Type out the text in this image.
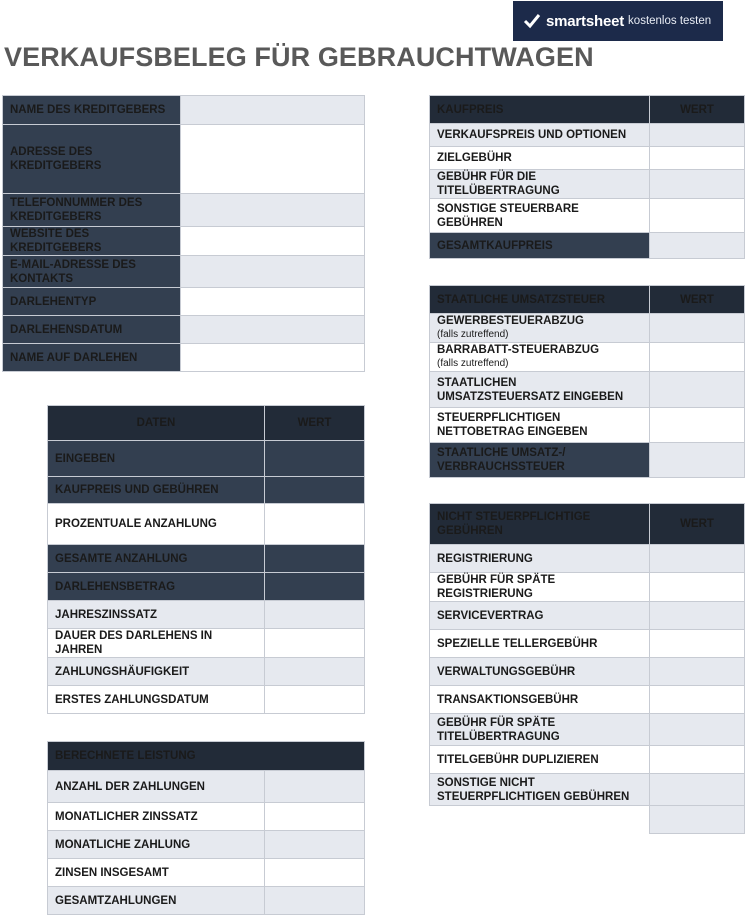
smartsheet kostenlos testen
VERKAUFSBELEG FÜR GEBRAUCHTWAGEN
NAME DES KREDITGEBERS	
ADRESSE DES KREDITGEBERS	
TELEFONNUMMER DES KREDITGEBERS	
WEBSITE DES KREDITGEBERS	
E-MAIL-ADRESSE DES KONTAKTS	
DARLEHENTYP	
DARLEHENSDATUM	
NAME AUF DARLEHEN	
DATEN	WERT
EINGEBEN	
KAUFPREIS UND GEBÜHREN	
PROZENTUALE ANZAHLUNG	
GESAMTE ANZAHLUNG	
DARLEHENSBETRAG	
JAHRESZINSSATZ	
DAUER DES DARLEHENS IN JAHREN	
ZAHLUNGSHÄUFIGKEIT	
ERSTES ZAHLUNGSDATUM	
BERECHNETE LEISTUNG	
ANZAHL DER ZAHLUNGEN	
MONATLICHER ZINSSATZ	
MONATLICHE ZAHLUNG	
ZINSEN INSGESAMT	
GESAMTZAHLUNGEN	
KAUFPREIS	WERT
VERKAUFSPREIS UND OPTIONEN	
ZIELGEBÜHR	
GEBÜHR FÜR DIE TITELÜBERTRAGUNG	
SONSTIGE STEUERBARE GEBÜHREN	
GESAMTKAUFPREIS	
STAATLICHE UMSATZSTEUER	WERT

GEWERBESTEUERABZUG
(falls zutreffend)	

BARRABATT-STEUERABZUG
(falls zutreffend)	

STAATLICHEN UMSATZSTEUERSATZ EINGEBEN	
STEUERPFLICHTIGEN NETTOBETRAG EINGEBEN	
STAATLICHE UMSATZ-/ VERBRAUCHSSTEUER	
NICHT STEUERPFLICHTIGE GEBÜHREN	WERT
REGISTRIERUNG	
GEBÜHR FÜR SPÄTE REGISTRIERUNG	
SERVICEVERTRAG	
SPEZIELLE TELLERGEBÜHR	
VERWALTUNGSGEBÜHR	
TRANSAKTIONSGEBÜHR	
GEBÜHR FÜR SPÄTE TITELÜBERTRAGUNG	
TITELGEBÜHR DUPLIZIEREN	
SONSTIGE NICHT STEUERPFLICHTIGEN GEBÜHREN	
